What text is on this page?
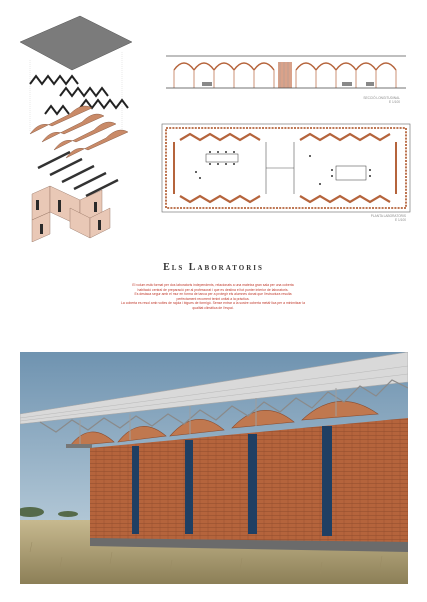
SECCIÓ LONGITUDINAL
E 1/100
PLANTA LABORATORIS
E 1/100
Els Laboratoris
El volum està format per dos laboratoris independents, relacionats a una mateixa gran sala per una coberta
habitació central de preparació per al professorat i que es destina el tot punter interior de laboratoris.
Es destaca segur amb el mur en forma de tanca per a protegir els alumnes donat que l'estructura resulta
perfectament recorrent tenint unitat a la pràctica.
La coberta es resol amb voltes de rajola i bigues de formigó. Sense entrar a la sostre coberta metàl·lica per a minimitzar la
qualitat climàtica de l'espai.
